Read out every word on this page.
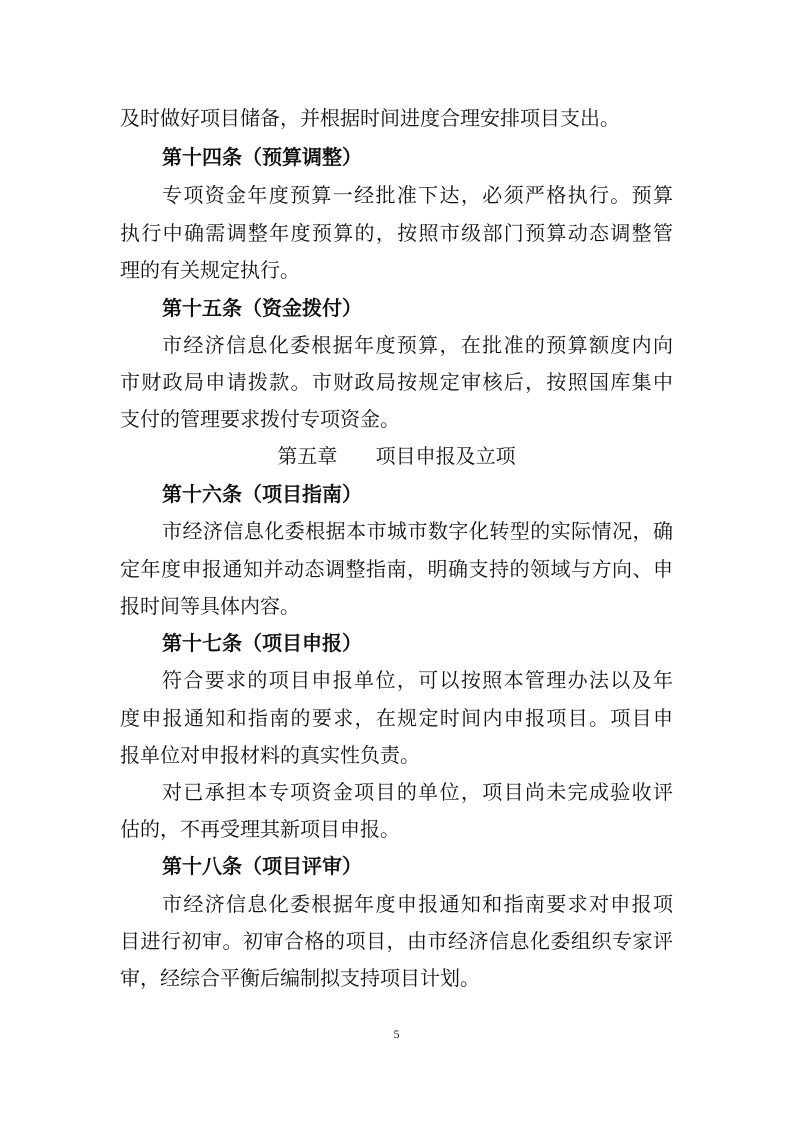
及时做好项目储备，并根据时间进度合理安排项目支出。
第十四条（预算调整）
专项资金年度预算一经批准下达，必须严格执行。预算
执行中确需调整年度预算的，按照市级部门预算动态调整管
理的有关规定执行。
第十五条（资金拨付）
市经济信息化委根据年度预算，在批准的预算额度内向
市财政局申请拨款。市财政局按规定审核后，按照国库集中
支付的管理要求拨付专项资金。
第五章      项目申报及立项
第十六条（项目指南）
市经济信息化委根据本市城市数字化转型的实际情况，确
定年度申报通知并动态调整指南，明确支持的领域与方向、申
报时间等具体内容。
第十七条（项目申报）
符合要求的项目申报单位，可以按照本管理办法以及年
度申报通知和指南的要求，在规定时间内申报项目。项目申
报单位对申报材料的真实性负责。
对已承担本专项资金项目的单位，项目尚未完成验收评
估的，不再受理其新项目申报。
第十八条（项目评审）
市经济信息化委根据年度申报通知和指南要求对申报项
目进行初审。初审合格的项目，由市经济信息化委组织专家评
审，经综合平衡后编制拟支持项目计划。
5
